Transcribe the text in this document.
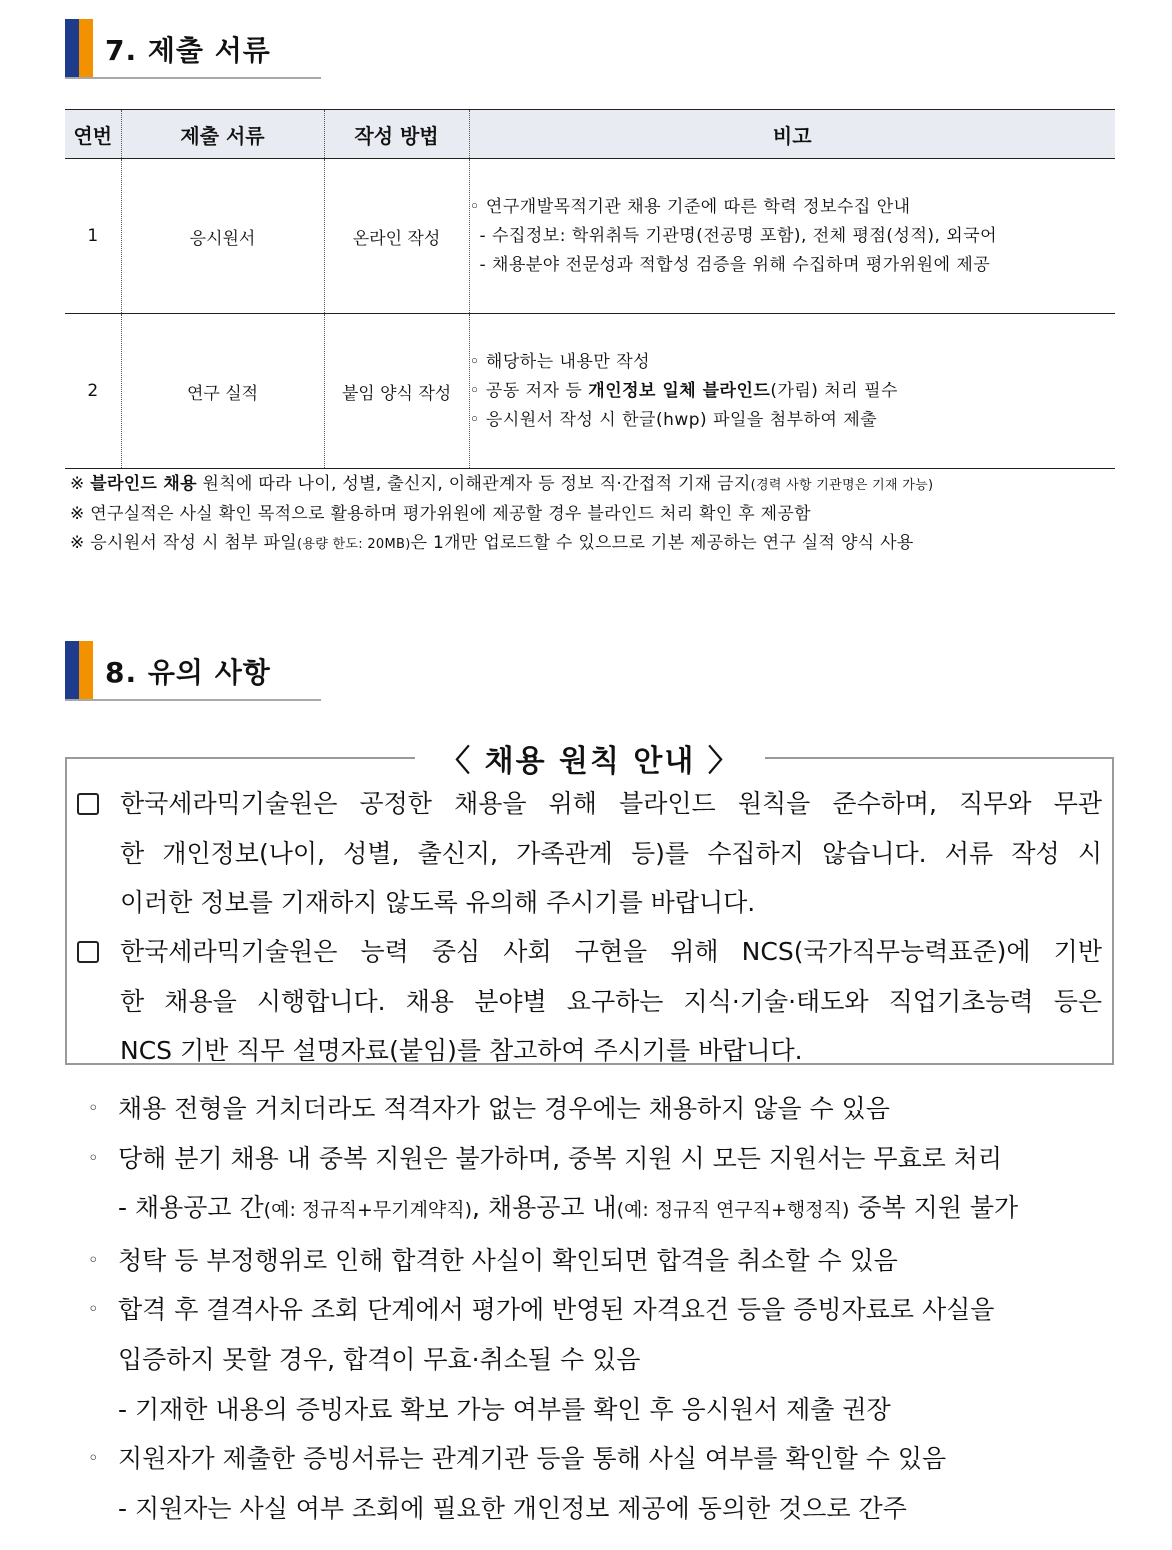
7. 제출 서류
연번	제출 서류	작성 방법	비고
1	응시원서	온라인 작성	◦ 연구개발목적기관 채용 기준에 따른 학력 정보수집 안내
- 수집정보: 학위취득 기관명(전공명 포함), 전체 평점(성적), 외국어
- 채용분야 전문성과 적합성 검증을 위해 수집하며 평가위원에 제공

2	연구 실적	붙임 양식 작성	◦ 해당하는 내용만 작성
◦ 공동 저자 등 개인정보 일체 블라인드(가림) 처리 필수
◦ 응시원서 작성 시 한글(hwp) 파일을 첨부하여 제출
※ 블라인드 채용 원칙에 따라 나이, 성별, 출신지, 이해관계자 등 정보 직·간접적 기재 금지(경력 사항 기관명은 기재 가능)
※ 연구실적은 사실 확인 목적으로 활용하며 평가위원에 제공할 경우 블라인드 처리 확인 후 제공함
※ 응시원서 작성 시 첨부 파일(용량 한도: 20MB)은 1개만 업로드할 수 있으므로 기본 제공하는 연구 실적 양식 사용
8. 유의 사항
한국세라믹기술원은 공정한 채용을 위해 블라인드 원칙을 준수하며, 직무와 무관
한 개인정보(나이, 성별, 출신지, 가족관계 등)를 수집하지 않습니다. 서류 작성 시
이러한 정보를 기재하지 않도록 유의해 주시기를 바랍니다.
한국세라믹기술원은 능력 중심 사회 구현을 위해 NCS(국가직무능력표준)에 기반
한 채용을 시행합니다. 채용 분야별 요구하는 지식·기술·태도와 직업기초능력 등은
NCS 기반 직무 설명자료(붙임)를 참고하여 주시기를 바랍니다.
〈 채용 원칙 안내 〉
◦ 채용 전형을 거치더라도 적격자가 없는 경우에는 채용하지 않을 수 있음
◦ 당해 분기 채용 내 중복 지원은 불가하며, 중복 지원 시 모든 지원서는 무효로 처리
- 채용공고 간(예: 정규직+무기계약직), 채용공고 내(예: 정규직 연구직+행정직) 중복 지원 불가
◦ 청탁 등 부정행위로 인해 합격한 사실이 확인되면 합격을 취소할 수 있음
◦ 합격 후 결격사유 조회 단계에서 평가에 반영된 자격요건 등을 증빙자료로 사실을
입증하지 못할 경우, 합격이 무효·취소될 수 있음
- 기재한 내용의 증빙자료 확보 가능 여부를 확인 후 응시원서 제출 권장
◦ 지원자가 제출한 증빙서류는 관계기관 등을 통해 사실 여부를 확인할 수 있음
- 지원자는 사실 여부 조회에 필요한 개인정보 제공에 동의한 것으로 간주
